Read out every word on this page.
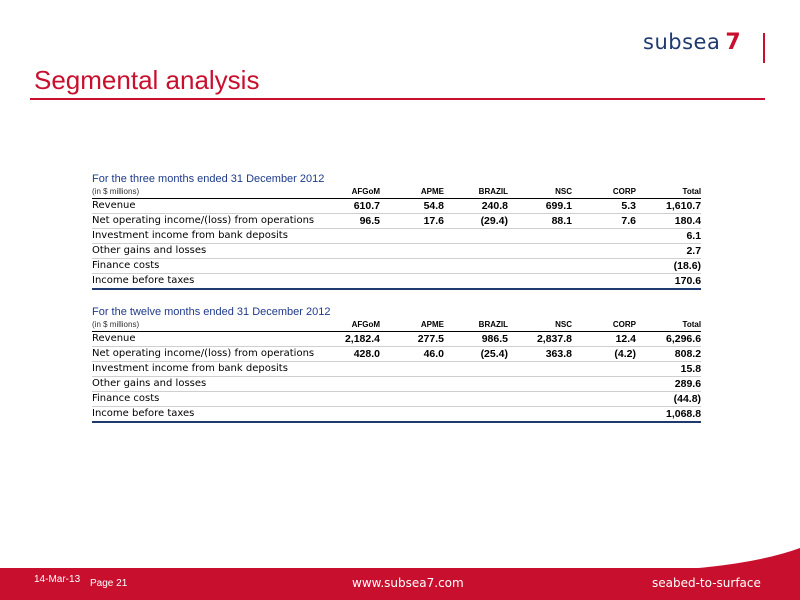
subsea 7
Segmental analysis
For the three months ended 31 December 2012						
(in $ millions)	AFGoM	APME	BRAZIL	NSC	CORP	Total
Revenue	610.7	54.8	240.8	699.1	5.3	1,610.7
Net operating income/(loss) from operations	96.5	17.6	(29.4)	88.1	7.6	180.4
Investment income from bank deposits						6.1
Other gains and losses						2.7
Finance costs						(18.6)
Income before taxes						170.6
For the twelve months ended 31 December 2012						
(in $ millions)	AFGoM	APME	BRAZIL	NSC	CORP	Total
Revenue	2,182.4	277.5	986.5	2,837.8	12.4	6,296.6
Net operating income/(loss) from operations	428.0	46.0	(25.4)	363.8	(4.2)	808.2
Investment income from bank deposits						15.8
Other gains and losses						289.6
Finance costs						(44.8)
Income before taxes						1,068.8
14-Mar-13 Page 21	www.subsea7.com	seabed-to-surface
